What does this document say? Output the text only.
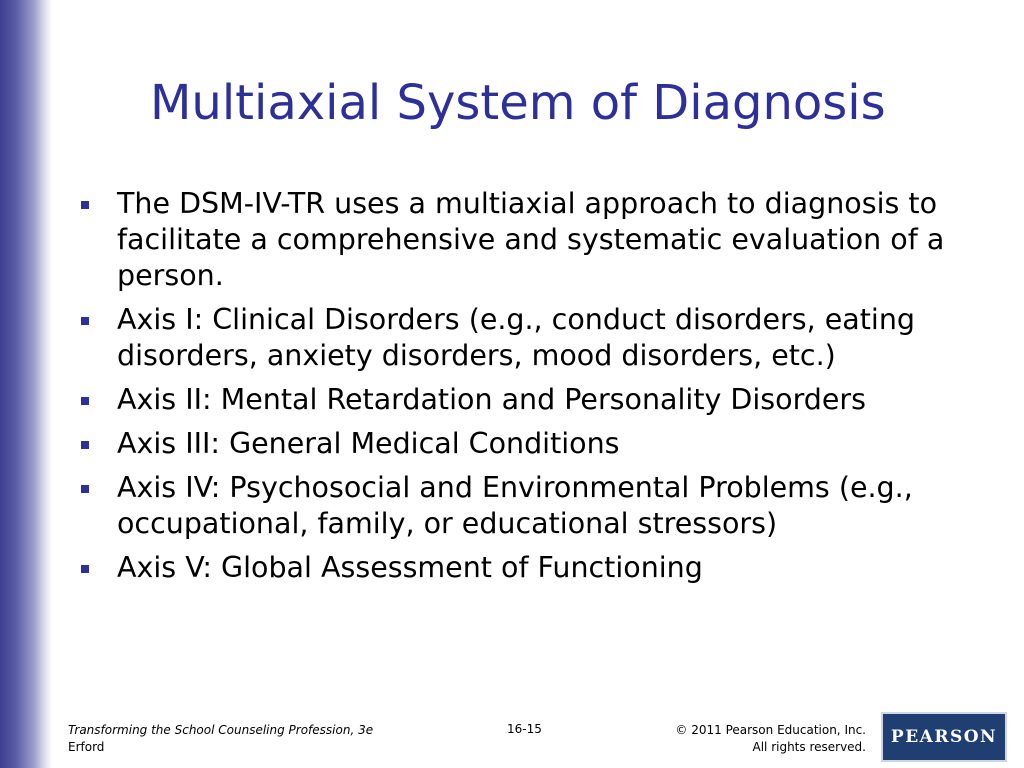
Multiaxial System of Diagnosis
The DSM-IV-TR uses a multiaxial approach to diagnosis to facilitate a comprehensive and systematic evaluation of a person.
Axis I: Clinical Disorders (e.g., conduct disorders, eating disorders, anxiety disorders, mood disorders, etc.)
Axis II: Mental Retardation and Personality Disorders
Axis III: General Medical Conditions
Axis IV: Psychosocial and Environmental Problems (e.g., occupational, family, or educational stressors)
Axis V: Global Assessment of Functioning
Transforming the School Counseling Profession, 3e
Erford
16-15	© 2011 Pearson Education, Inc.
All rights reserved. PEARSON
